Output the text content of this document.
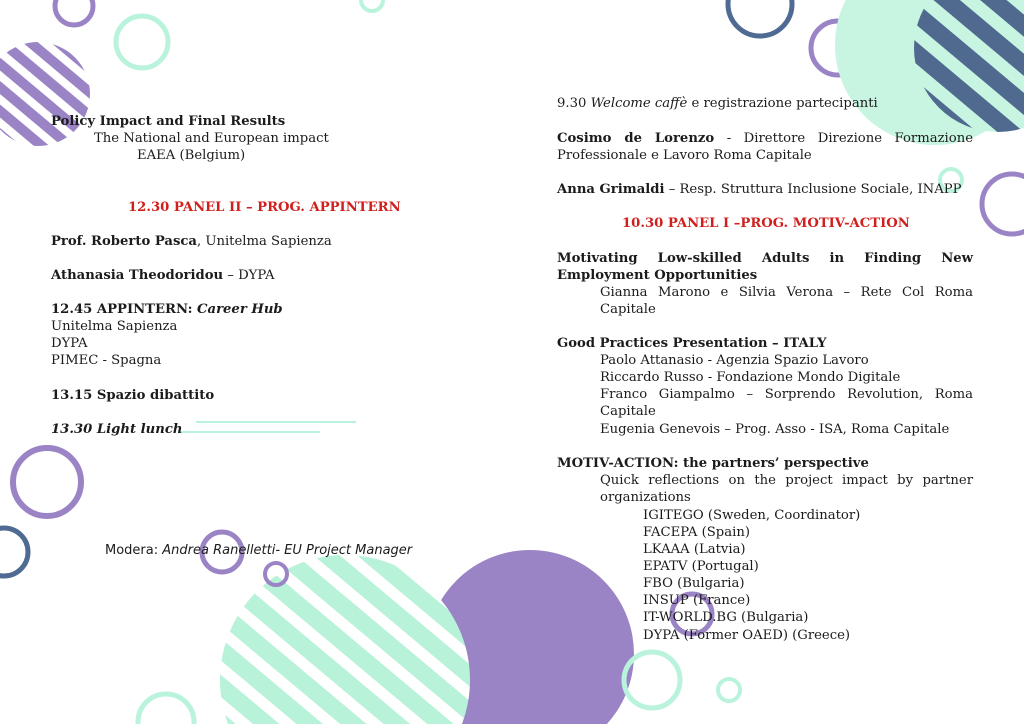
Policy Impact and Final Results
The National and European impact
EAEA (Belgium)
12.30 PANEL II – PROG. APPINTERN
Prof. Roberto Pasca, Unitelma Sapienza
Athanasia Theodoridou – DYPA
12.45 APPINTERN: Career Hub
Unitelma Sapienza
DYPA
PIMEC - Spagna
13.15 Spazio dibattito
13.30 Light lunch
Modera: Andrea Ranelletti- EU Project Manager
9.30 Welcome caffè e registrazione partecipanti
Cosimo de Lorenzo - Direttore Direzione Formazione
Professionale e Lavoro Roma Capitale
Anna Grimaldi – Resp. Struttura Inclusione Sociale, INAPP
10.30 PANEL I –PROG. MOTIV-ACTION
Motivating Low-skilled Adults in Finding New
Employment Opportunities
Gianna Marono e Silvia Verona – Rete Col Roma
Capitale
Good Practices Presentation – ITALY
Paolo Attanasio - Agenzia Spazio Lavoro
Riccardo Russo - Fondazione Mondo Digitale
Franco Giampalmo – Sorprendo Revolution, Roma
Capitale
Eugenia Genevois – Prog. Asso - ISA, Roma Capitale
MOTIV-ACTION: the partners’ perspective
Quick reflections on the project impact by partner
organizations
IGITEGO (Sweden, Coordinator)
FACEPA (Spain)
LKAAA (Latvia)
EPATV (Portugal)
FBO (Bulgaria)
INSUP (France)
IT-WORLD.BG (Bulgaria)
DYPA (Former OAED) (Greece)
